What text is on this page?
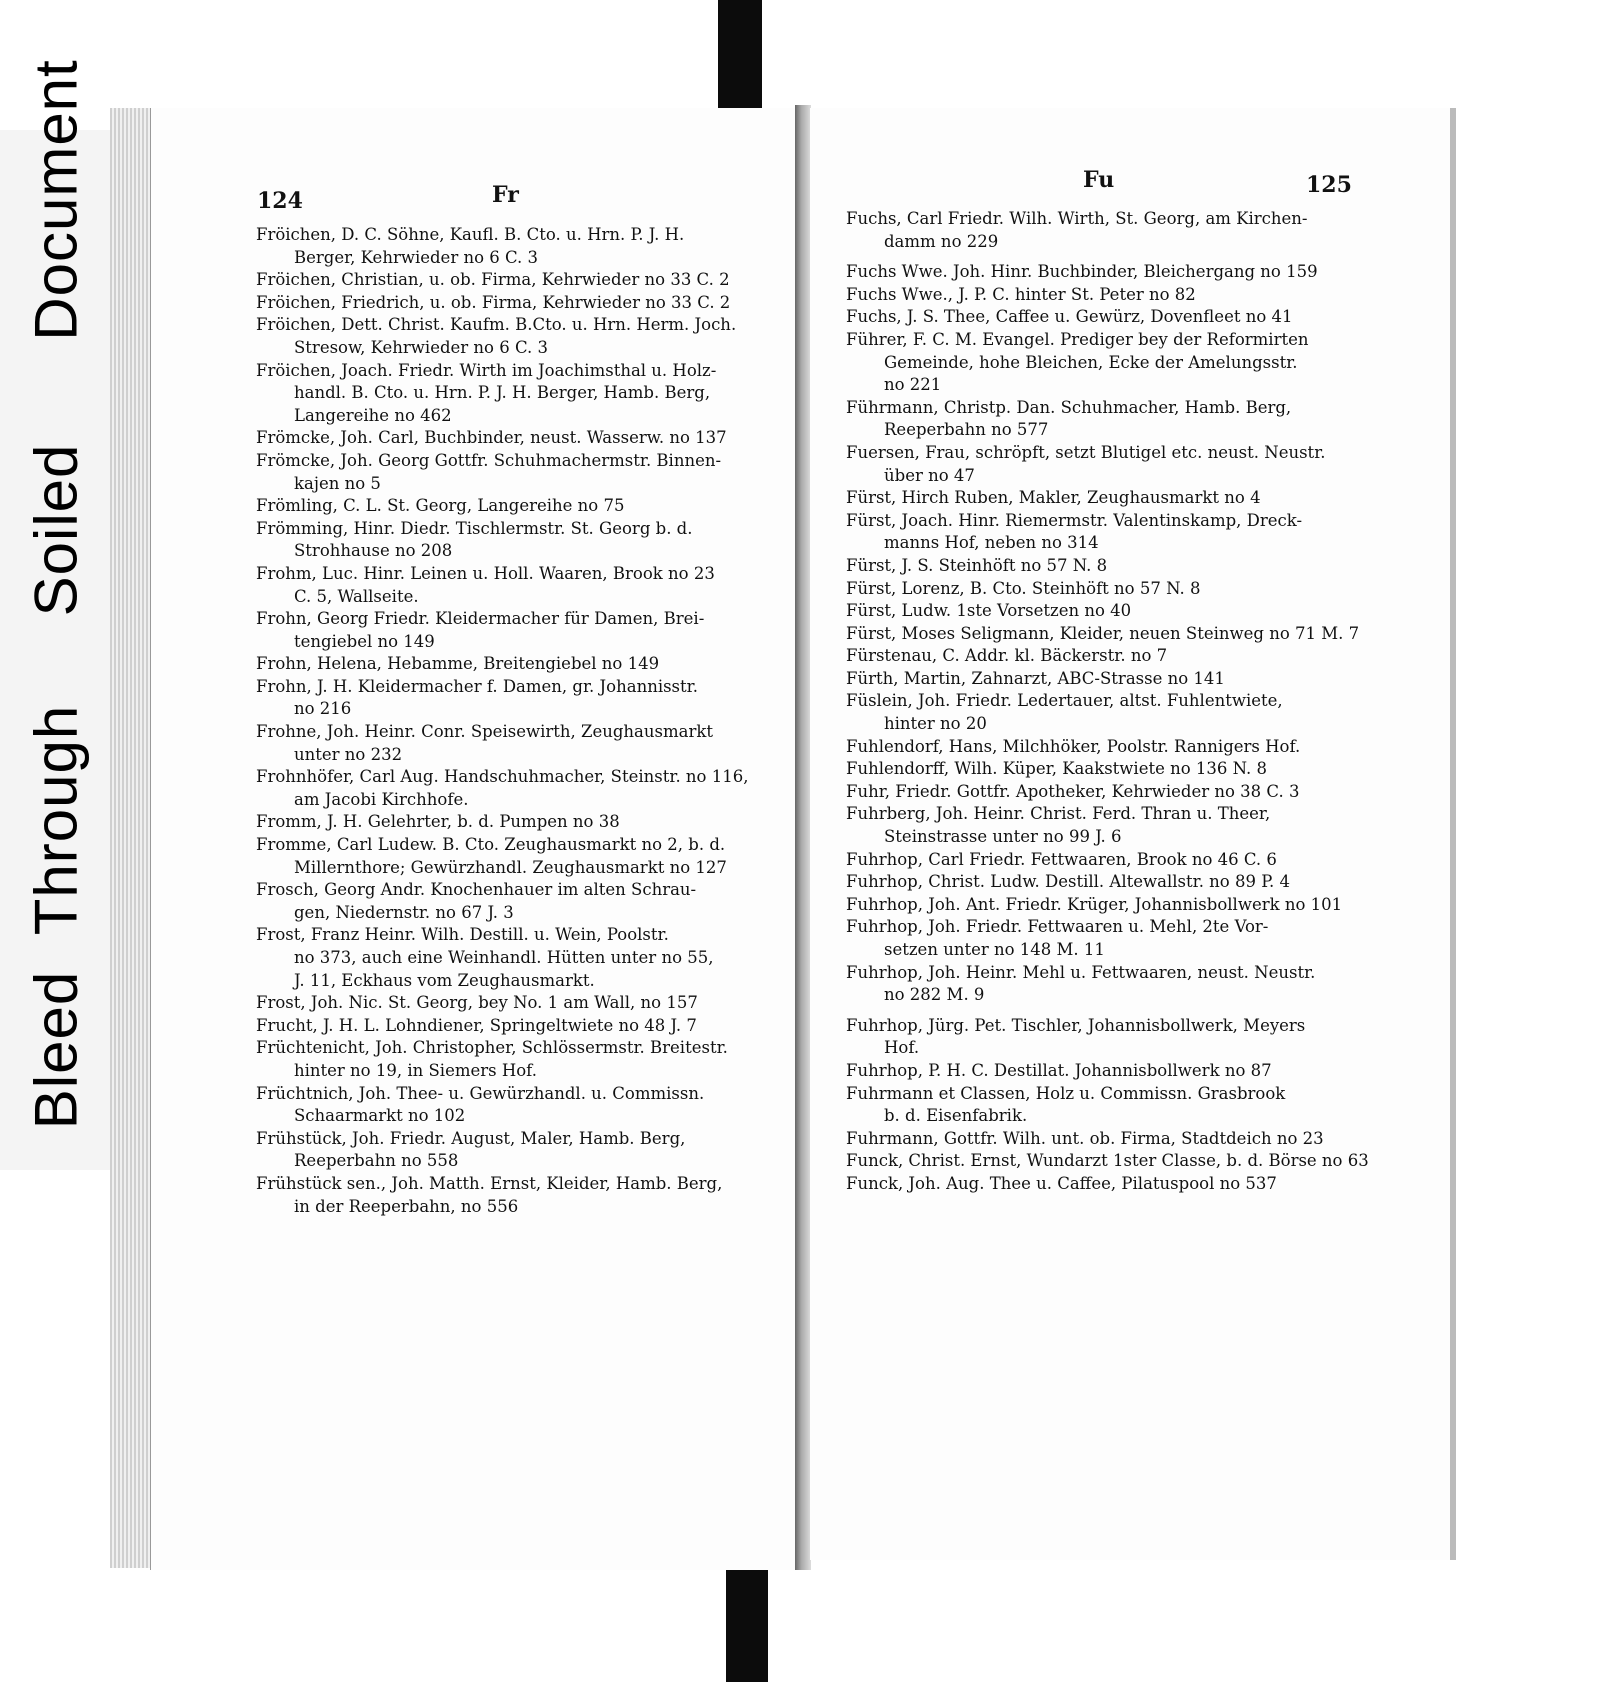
Bleed
Through
Soiled
Document	124	Fr
Fu	125

Fröichen, D. C. Söhne, Kaufl. B. Cto. u. Hrn. P. J. H.
Berger, Kehrwieder no 6 C. 3

Fröichen, Christian, u. ob. Firma, Kehrwieder no 33 C. 2

Fröichen, Friedrich, u. ob. Firma, Kehrwieder no 33 C. 2

Fröichen, Dett. Christ. Kaufm. B.Cto. u. Hrn. Herm. Joch.
Stresow, Kehrwieder no 6 C. 3

Fröichen, Joach. Friedr. Wirth im Joachimsthal u. Holz-
handl. B. Cto. u. Hrn. P. J. H. Berger, Hamb. Berg,
Langereihe no 462

Frömcke, Joh. Carl, Buchbinder, neust. Wasserw. no 137

Frömcke, Joh. Georg Gottfr. Schuhmachermstr. Binnen-
kajen no 5

Frömling, C. L. St. Georg, Langereihe no 75

Frömming, Hinr. Diedr. Tischlermstr. St. Georg b. d.
Strohhause no 208

Frohm, Luc. Hinr. Leinen u. Holl. Waaren, Brook no 23
C. 5, Wallseite.

Frohn, Georg Friedr. Kleidermacher für Damen, Brei-
tengiebel no 149

Frohn, Helena, Hebamme, Breitengiebel no 149

Frohn, J. H. Kleidermacher f. Damen, gr. Johannisstr.
no 216

Frohne, Joh. Heinr. Conr. Speisewirth, Zeughausmarkt
unter no 232

Frohnhöfer, Carl Aug. Handschuhmacher, Steinstr. no 116,
am Jacobi Kirchhofe.

Fromm, J. H. Gelehrter, b. d. Pumpen no 38

Fromme, Carl Ludew. B. Cto. Zeughausmarkt no 2, b. d.
Millernthore; Gewürzhandl. Zeughausmarkt no 127

Frosch, Georg Andr. Knochenhauer im alten Schrau-
gen, Niedernstr. no 67 J. 3

Frost, Franz Heinr. Wilh. Destill. u. Wein, Poolstr.
no 373, auch eine Weinhandl. Hütten unter no 55,
J. 11, Eckhaus vom Zeughausmarkt.

Frost, Joh. Nic. St. Georg, bey No. 1 am Wall, no 157

Frucht, J. H. L. Lohndiener, Springeltwiete no 48 J. 7

Früchtenicht, Joh. Christopher, Schlössermstr. Breitestr.
hinter no 19, in Siemers Hof.

Früchtnich, Joh. Thee- u. Gewürzhandl. u. Commissn.
Schaarmarkt no 102

Frühstück, Joh. Friedr. August, Maler, Hamb. Berg,
Reeperbahn no 558

Frühstück sen., Joh. Matth. Ernst, Kleider, Hamb. Berg,
in der Reeperbahn, no 556

Fuchs, Carl Friedr. Wilh. Wirth, St. Georg, am Kirchen-
damm no 229

Fuchs Wwe. Joh. Hinr. Buchbinder, Bleichergang no 159

Fuchs Wwe., J. P. C. hinter St. Peter no 82

Fuchs, J. S. Thee, Caffee u. Gewürz, Dovenfleet no 41

Führer, F. C. M. Evangel. Prediger bey der Reformirten
Gemeinde, hohe Bleichen, Ecke der Amelungsstr.
no 221

Führmann, Christp. Dan. Schuhmacher, Hamb. Berg,
Reeperbahn no 577

Fuersen, Frau, schröpft, setzt Blutigel etc. neust. Neustr.
über no 47

Fürst, Hirch Ruben, Makler, Zeughausmarkt no 4

Fürst, Joach. Hinr. Riemermstr. Valentinskamp, Dreck-
manns Hof, neben no 314

Fürst, J. S. Steinhöft no 57 N. 8

Fürst, Lorenz, B. Cto. Steinhöft no 57 N. 8

Fürst, Ludw. 1ste Vorsetzen no 40

Fürst, Moses Seligmann, Kleider, neuen Steinweg no 71 M. 7

Fürstenau, C. Addr. kl. Bäckerstr. no 7

Fürth, Martin, Zahnarzt, ABC-Strasse no 141

Füslein, Joh. Friedr. Ledertauer, altst. Fuhlentwiete,
hinter no 20

Fuhlendorf, Hans, Milchhöker, Poolstr. Rannigers Hof.

Fuhlendorff, Wilh. Küper, Kaakstwiete no 136 N. 8

Fuhr, Friedr. Gottfr. Apotheker, Kehrwieder no 38 C. 3

Fuhrberg, Joh. Heinr. Christ. Ferd. Thran u. Theer,
Steinstrasse unter no 99 J. 6

Fuhrhop, Carl Friedr. Fettwaaren, Brook no 46 C. 6

Fuhrhop, Christ. Ludw. Destill. Altewallstr. no 89 P. 4

Fuhrhop, Joh. Ant. Friedr. Krüger, Johannisbollwerk no 101

Fuhrhop, Joh. Friedr. Fettwaaren u. Mehl, 2te Vor-
setzen unter no 148 M. 11

Fuhrhop, Joh. Heinr. Mehl u. Fettwaaren, neust. Neustr.
no 282 M. 9

Fuhrhop, Jürg. Pet. Tischler, Johannisbollwerk, Meyers
Hof.

Fuhrhop, P. H. C. Destillat. Johannisbollwerk no 87

Fuhrmann et Classen, Holz u. Commissn. Grasbrook
b. d. Eisenfabrik.

Fuhrmann, Gottfr. Wilh. unt. ob. Firma, Stadtdeich no 23

Funck, Christ. Ernst, Wundarzt 1ster Classe, b. d. Börse no 63

Funck, Joh. Aug. Thee u. Caffee, Pilatuspool no 537
